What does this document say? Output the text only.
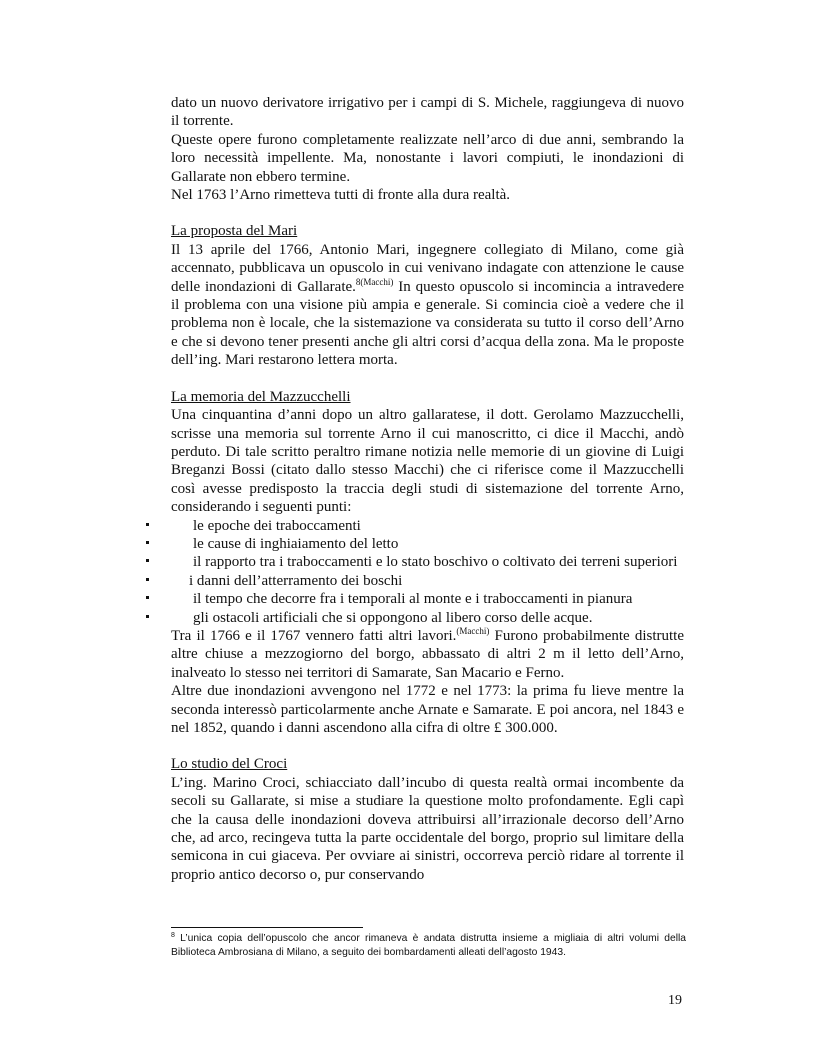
dato un nuovo derivatore irrigativo per i campi di S. Michele, raggiungeva di nuovo il torrente.

Queste opere furono completamente realizzate nell’arco di due anni, sembrando la loro necessità impellente. Ma, nonostante i lavori compiuti, le inondazioni di Gallarate non ebbero termine.

Nel 1763 l’Arno rimetteva tutti di fronte alla dura realtà.

La proposta del Mari

Il 13 aprile del 1766, Antonio Mari, ingegnere collegiato di Milano, come già accennato, pubblicava un opuscolo in cui venivano indagate con attenzione le cause delle inondazioni di Gallarate.$^{8(Macchi)}$ In questo opuscolo si incomincia a intravedere il problema con una visione più ampia e generale. Si comincia cioè a vedere che il problema non è locale, che la sistemazione va considerata su tutto il corso dell’Arno e che si devono tener presenti anche gli altri corsi d’acqua della zona. Ma le proposte dell’ing. Mari restarono lettera morta.

La memoria del Mazzucchelli

Una cinquantina d’anni dopo un altro gallaratese, il dott. Gerolamo Mazzucchelli, scrisse una memoria sul torrente Arno il cui manoscritto, ci dice il Macchi, andò perduto. Di tale scritto peraltro rimane notizia nelle memorie di un giovine di Luigi Breganzi Bossi (citato dallo stesso Macchi) che ci riferisce come il Mazzucchelli così avesse predisposto la traccia degli studi di sistemazione del torrente Arno, considerando i seguenti punti:

le epoche dei traboccamenti
le cause di inghiaiamento del letto
il rapporto tra i traboccamenti e lo stato boschivo o coltivato dei terreni superiori
i danni dell’atterramento dei boschi
il tempo che decorre fra i temporali al monte e i traboccamenti in pianura
gli ostacoli artificiali che si oppongono al libero corso delle acque.

Tra il 1766 e il 1767 vennero fatti altri lavori.$^{(Macchi)}$ Furono probabilmente distrutte altre chiuse a mezzogiorno del borgo, abbassato di altri 2 m il letto dell’Arno, inalveato lo stesso nei territori di Samarate, San Macario e Ferno.

Altre due inondazioni avvengono nel 1772 e nel 1773: la prima fu lieve mentre la seconda interessò particolarmente anche Arnate e Samarate. E poi ancora, nel 1843 e nel 1852, quando i danni ascendono alla cifra di oltre £ 300.000.

Lo studio del Croci

L’ing. Marino Croci, schiacciato dall’incubo di questa realtà ormai incombente da secoli su Gallarate, si mise a studiare la questione molto profondamente. Egli capì che la causa delle inondazioni doveva attribuirsi all’irrazionale decorso dell’Arno che, ad arco, recingeva tutta la parte occidentale del borgo, proprio sul limitare della semicona in cui giaceva. Per ovviare ai sinistri, occorreva perciò ridare al torrente il proprio antico decorso o, pur conservando

$^8$ L’unica copia dell’opuscolo che ancor rimaneva è andata distrutta insieme a migliaia di altri volumi della Biblioteca Ambrosiana di Milano, a seguito dei bombardamenti alleati dell’agosto 1943.
19
